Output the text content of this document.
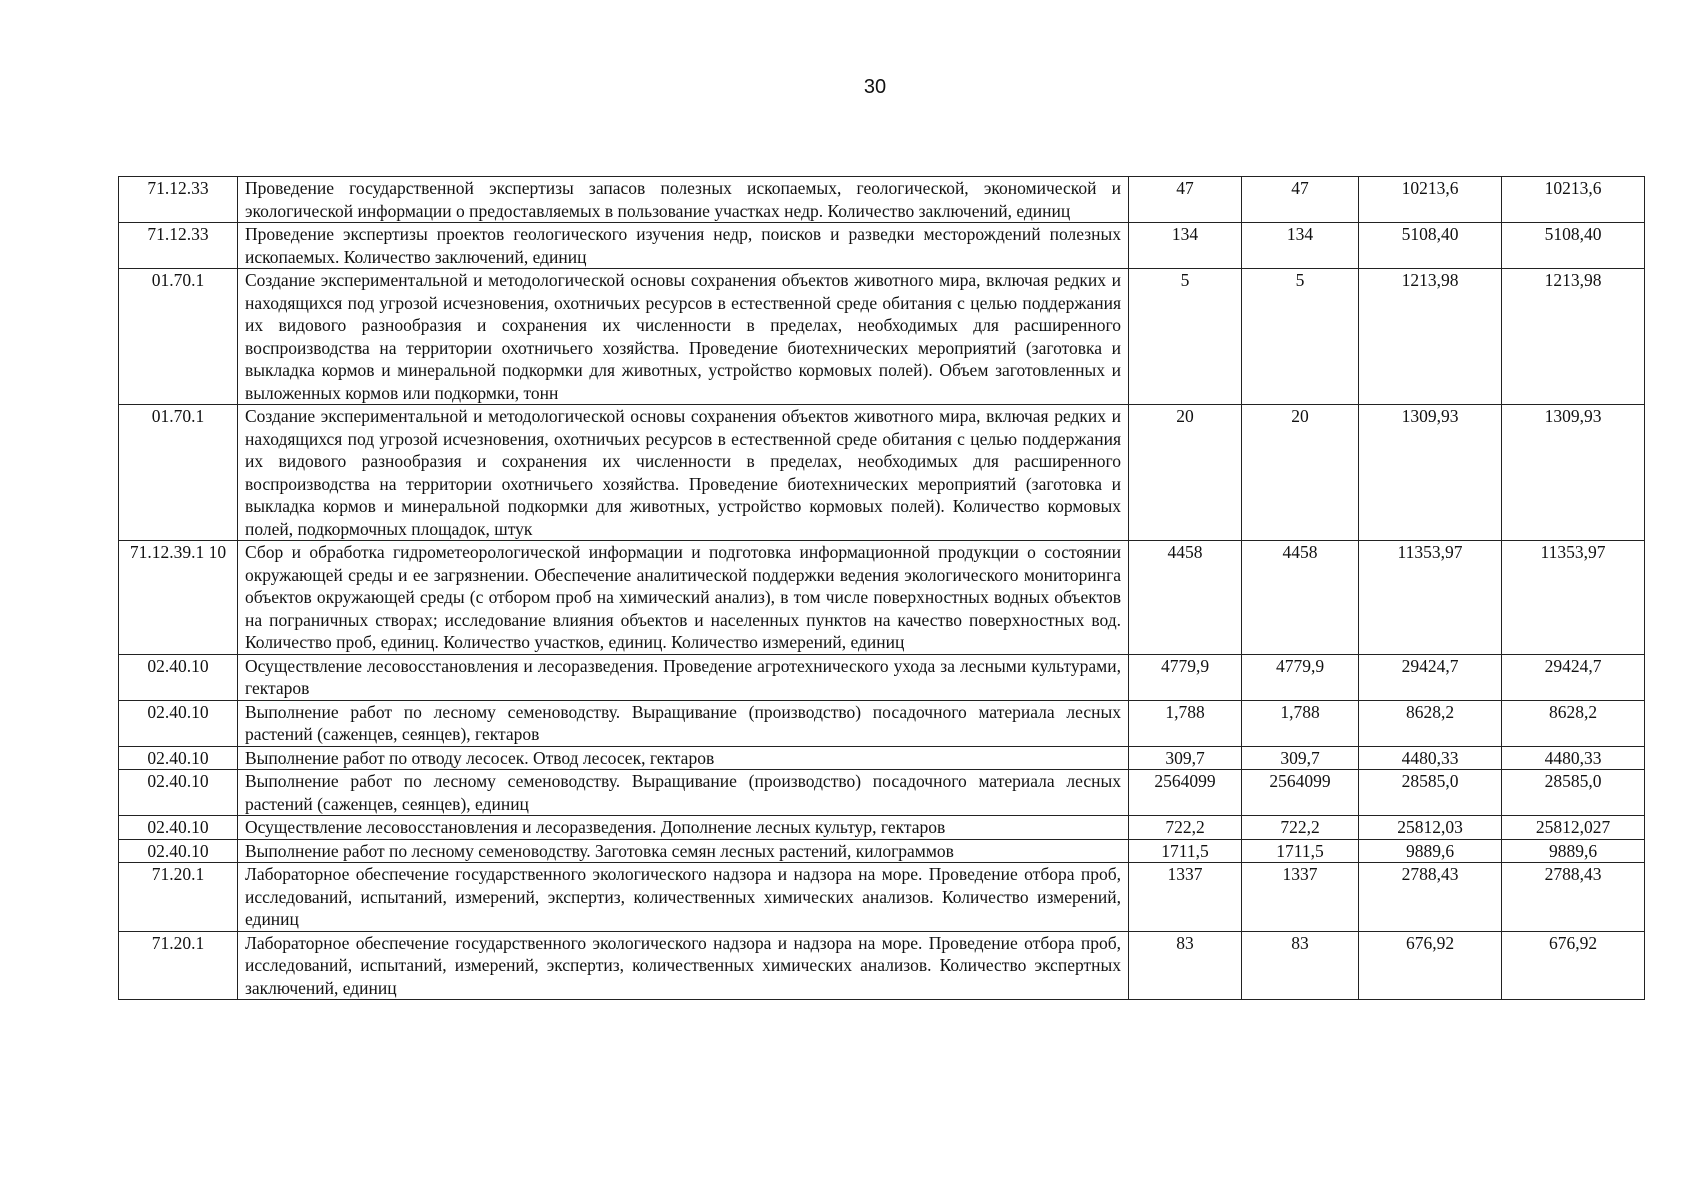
30
71.12.33	Проведение государственной экспертизы запасов полезных ископаемых, геологической, экономической и экологической информации о предоставляемых в пользование участках недр. Количество заключений, единиц	47	47	10213,6	10213,6
71.12.33	Проведение экспертизы проектов геологического изучения недр, поисков и разведки месторождений полезных ископаемых. Количество заключений, единиц	134	134	5108,40	5108,40
01.70.1	Создание экспериментальной и методологической основы сохранения объектов животного мира, включая редких и находящихся под угрозой исчезновения, охотничьих ресурсов в естественной среде обитания с целью поддержания их видового разнообразия и сохранения их численности в пределах, необходимых для расширенного воспроизводства на территории охотничьего хозяйства. Проведение биотехнических мероприятий (заготовка и выкладка кормов и минеральной подкормки для животных, устройство кормовых полей). Объем заготовленных и выложенных кормов или подкормки, тонн	5	5	1213,98	1213,98
01.70.1	Создание экспериментальной и методологической основы сохранения объектов животного мира, включая редких и находящихся под угрозой исчезновения, охотничьих ресурсов в естественной среде обитания с целью поддержания их видового разнообразия и сохранения их численности в пределах, необходимых для расширенного воспроизводства на территории охотничьего хозяйства. Проведение биотехнических мероприятий (заготовка и выкладка кормов и минеральной подкормки для животных, устройство кормовых полей). Количество кормовых полей, подкормочных площадок, штук	20	20	1309,93	1309,93
71.12.39.1 10	Сбор и обработка гидрометеорологической информации и подготовка информационной продукции о состоянии окружающей среды и ее загрязнении. Обеспечение аналитической поддержки ведения экологического мониторинга объектов окружающей среды (с отбором проб на химический анализ), в том числе поверхностных водных объектов на пограничных створах; исследование влияния объектов и населенных пунктов на качество поверхностных вод. Количество проб, единиц. Количество участков, единиц. Количество измерений, единиц	4458	4458	11353,97	11353,97
02.40.10	Осуществление лесовосстановления и лесоразведения. Проведение агротехнического ухода за лесными культурами, гектаров	4779,9	4779,9	29424,7	29424,7
02.40.10	Выполнение работ по лесному семеноводству. Выращивание (производство) посадочного материала лесных растений (саженцев, сеянцев), гектаров	1,788	1,788	8628,2	8628,2
02.40.10	Выполнение работ по отводу лесосек. Отвод лесосек, гектаров	309,7	309,7	4480,33	4480,33
02.40.10	Выполнение работ по лесному семеноводству. Выращивание (производство) посадочного материала лесных растений (саженцев, сеянцев), единиц	2564099	2564099	28585,0	28585,0
02.40.10	Осуществление лесовосстановления и лесоразведения. Дополнение лесных культур, гектаров	722,2	722,2	25812,03	25812,027
02.40.10	Выполнение работ по лесному семеноводству. Заготовка семян лесных растений, килограммов	1711,5	1711,5	9889,6	9889,6
71.20.1	Лабораторное обеспечение государственного экологического надзора и надзора на море. Проведение отбора проб, исследований, испытаний, измерений, экспертиз, количественных химических анализов. Количество измерений, единиц	1337	1337	2788,43	2788,43
71.20.1	Лабораторное обеспечение государственного экологического надзора и надзора на море. Проведение отбора проб, исследований, испытаний, измерений, экспертиз, количественных химических анализов. Количество экспертных заключений, единиц	83	83	676,92	676,92
